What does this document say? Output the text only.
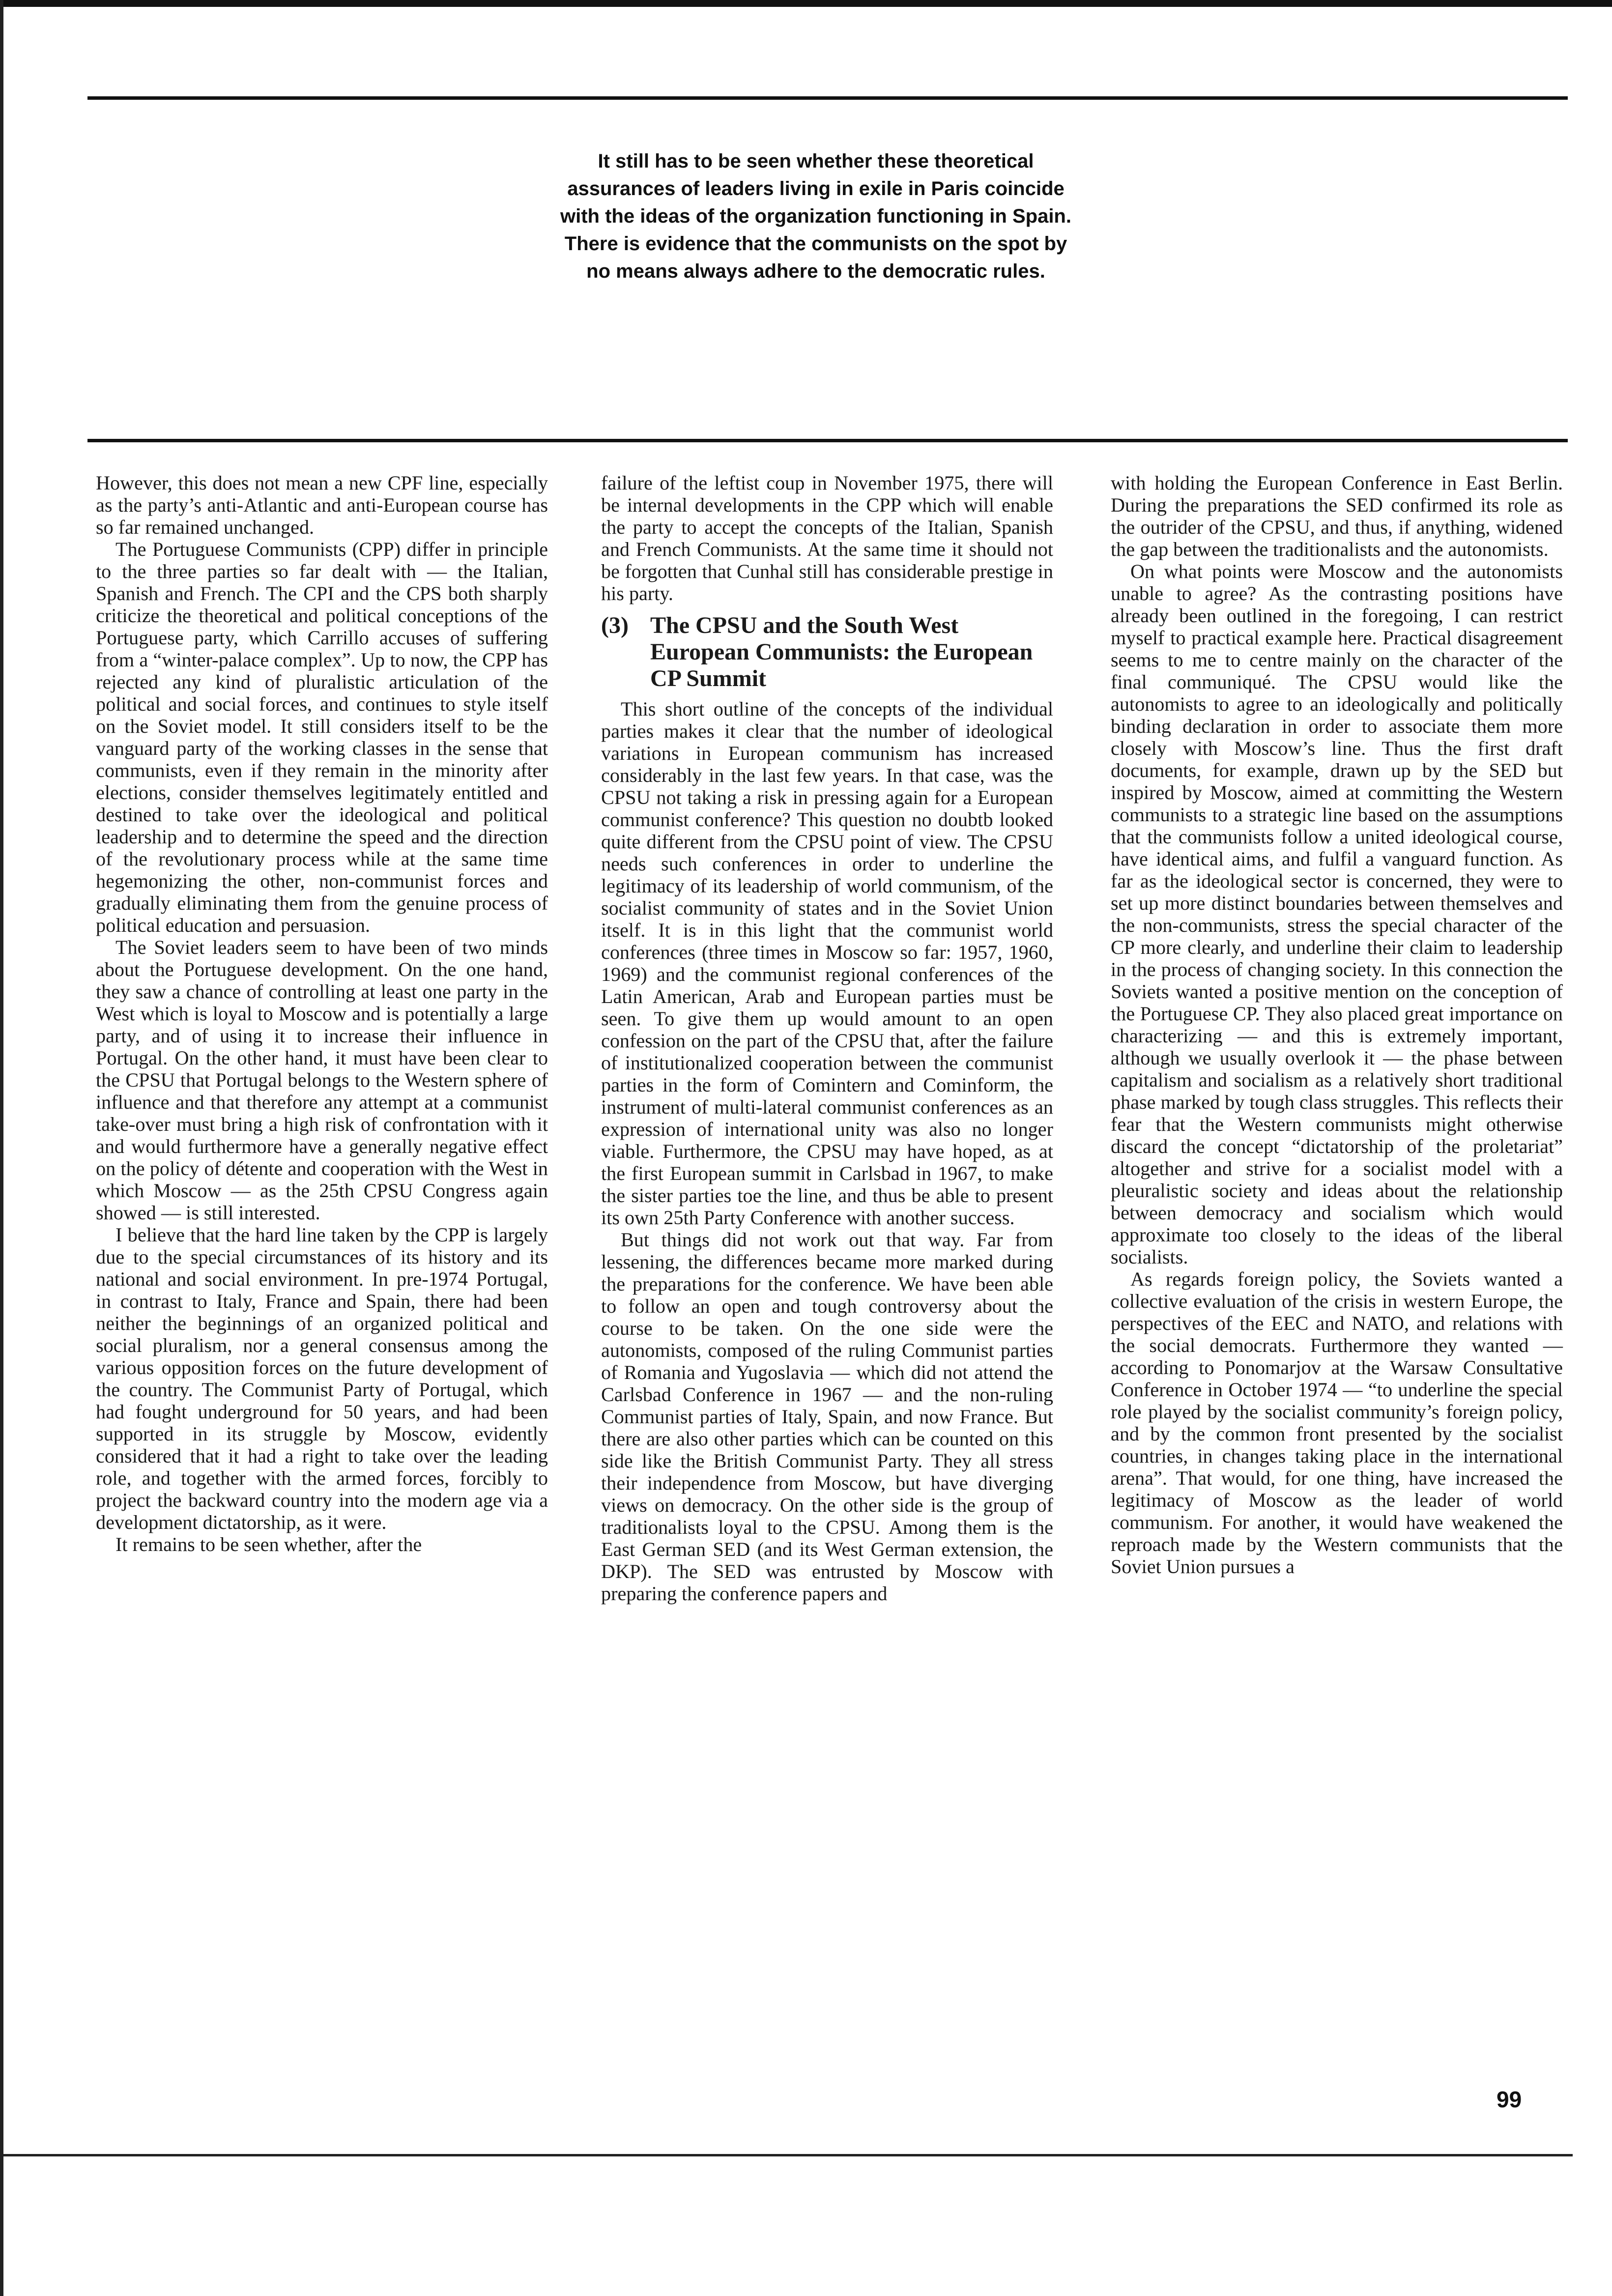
It still has to be seen whether these theoretical assurances of leaders living in exile in Paris coincide with the ideas of the organization functioning in Spain. There is evidence that the communists on the spot by no means always adhere to the democratic rules.

However, this does not mean a new CPF line, especially as the party’s anti-Atlantic and anti-European course has so far remained unchanged.

The Portuguese Communists (CPP) differ in principle to the three parties so far dealt with — the Italian, Spanish and French. The CPI and the CPS both sharply criticize the theoretical and political conceptions of the Portuguese party, which Carrillo accuses of suffering from a “winter-palace complex”. Up to now, the CPP has rejected any kind of pluralistic articulation of the political and social forces, and continues to style itself on the Soviet model. It still considers itself to be the vanguard party of the working classes in the sense that communists, even if they remain in the minority after elections, consider themselves legitimately entitled and destined to take over the ideological and political leadership and to determine the speed and the direction of the revolutionary process while at the same time hegemonizing the other, non-communist forces and gradually eliminating them from the genuine process of political education and persuasion.

The Soviet leaders seem to have been of two minds about the Portuguese development. On the one hand, they saw a chance of controlling at least one party in the West which is loyal to Moscow and is potentially a large party, and of using it to increase their influence in Portugal. On the other hand, it must have been clear to the CPSU that Portugal belongs to the Western sphere of influence and that therefore any attempt at a communist take-over must bring a high risk of confrontation with it and would furthermore have a generally negative effect on the policy of détente and cooperation with the West in which Moscow — as the 25th CPSU Congress again showed — is still interested.

I believe that the hard line taken by the CPP is largely due to the special circumstances of its history and its national and social environment. In pre-1974 Portugal, in contrast to Italy, France and Spain, there had been neither the beginnings of an organized political and social pluralism, nor a general consensus among the various opposition forces on the future development of the country. The Communist Party of Portugal, which had fought underground for 50 years, and had been supported in its struggle by Moscow, evidently considered that it had a right to take over the leading role, and together with the armed forces, forcibly to project the backward country into the modern age via a development dictatorship, as it were.

It remains to be seen whether, after the

failure of the leftist coup in November 1975, there will be internal developments in the CPP which will enable the party to accept the concepts of the Italian, Spanish and French Communists. At the same time it should not be forgotten that Cunhal still has considerable prestige in his party.

(3) The CPSU and the South West European Communists: the European CP Summit

This short outline of the concepts of the individual parties makes it clear that the number of ideological variations in European communism has increased considerably in the last few years. In that case, was the CPSU not taking a risk in pressing again for a European communist conference? This question no doubtb looked quite different from the CPSU point of view. The CPSU needs such conferences in order to underline the legitimacy of its leadership of world communism, of the socialist community of states and in the Soviet Union itself. It is in this light that the communist world conferences (three times in Moscow so far: 1957, 1960, 1969) and the communist regional conferences of the Latin American, Arab and European parties must be seen. To give them up would amount to an open confession on the part of the CPSU that, after the failure of institutionalized cooperation between the communist parties in the form of Comintern and Cominform, the instrument of multi-lateral communist conferences as an expression of international unity was also no longer viable. Furthermore, the CPSU may have hoped, as at the first European summit in Carlsbad in 1967, to make the sister parties toe the line, and thus be able to present its own 25th Party Conference with another success.

But things did not work out that way. Far from lessening, the differences became more marked during the preparations for the conference. We have been able to follow an open and tough controversy about the course to be taken. On the one side were the autonomists, composed of the ruling Communist parties of Romania and Yugoslavia — which did not attend the Carlsbad Conference in 1967 — and the non-ruling Communist parties of Italy, Spain, and now France. But there are also other parties which can be counted on this side like the British Communist Party. They all stress their independence from Moscow, but have diverging views on democracy. On the other side is the group of traditionalists loyal to the CPSU. Among them is the East German SED (and its West German extension, the DKP). The SED was entrusted by Moscow with preparing the conference papers and

with holding the European Conference in East Berlin. During the preparations the SED confirmed its role as the outrider of the CPSU, and thus, if anything, widened the gap between the traditionalists and the autonomists.

On what points were Moscow and the autonomists unable to agree? As the contrasting positions have already been outlined in the foregoing, I can restrict myself to practical example here. Practical disagreement seems to me to centre mainly on the character of the final communiqué. The CPSU would like the autonomists to agree to an ideologically and politically binding declaration in order to associate them more closely with Moscow’s line. Thus the first draft documents, for example, drawn up by the SED but inspired by Moscow, aimed at committing the Western communists to a strategic line based on the assumptions that the communists follow a united ideological course, have identical aims, and fulfil a vanguard function. As far as the ideological sector is concerned, they were to set up more distinct boundaries between themselves and the non-communists, stress the special character of the CP more clearly, and underline their claim to leadership in the process of changing society. In this connection the Soviets wanted a positive mention on the conception of the Portuguese CP. They also placed great importance on characterizing — and this is extremely important, although we usually overlook it — the phase between capitalism and socialism as a relatively short traditional phase marked by tough class struggles. This reflects their fear that the Western communists might otherwise discard the concept “dictatorship of the proletariat” altogether and strive for a socialist model with a pleuralistic society and ideas about the relationship between democracy and socialism which would approximate too closely to the ideas of the liberal socialists.

As regards foreign policy, the Soviets wanted a collective evaluation of the crisis in western Europe, the perspectives of the EEC and NATO, and relations with the social democrats. Furthermore they wanted — according to Ponomarjov at the Warsaw Consultative Conference in October 1974 — “to underline the special role played by the socialist community’s foreign policy, and by the common front presented by the socialist countries, in changes taking place in the international arena”. That would, for one thing, have increased the legitimacy of Moscow as the leader of world communism. For another, it would have weakened the reproach made by the Western communists that the Soviet Union pursues a

99
